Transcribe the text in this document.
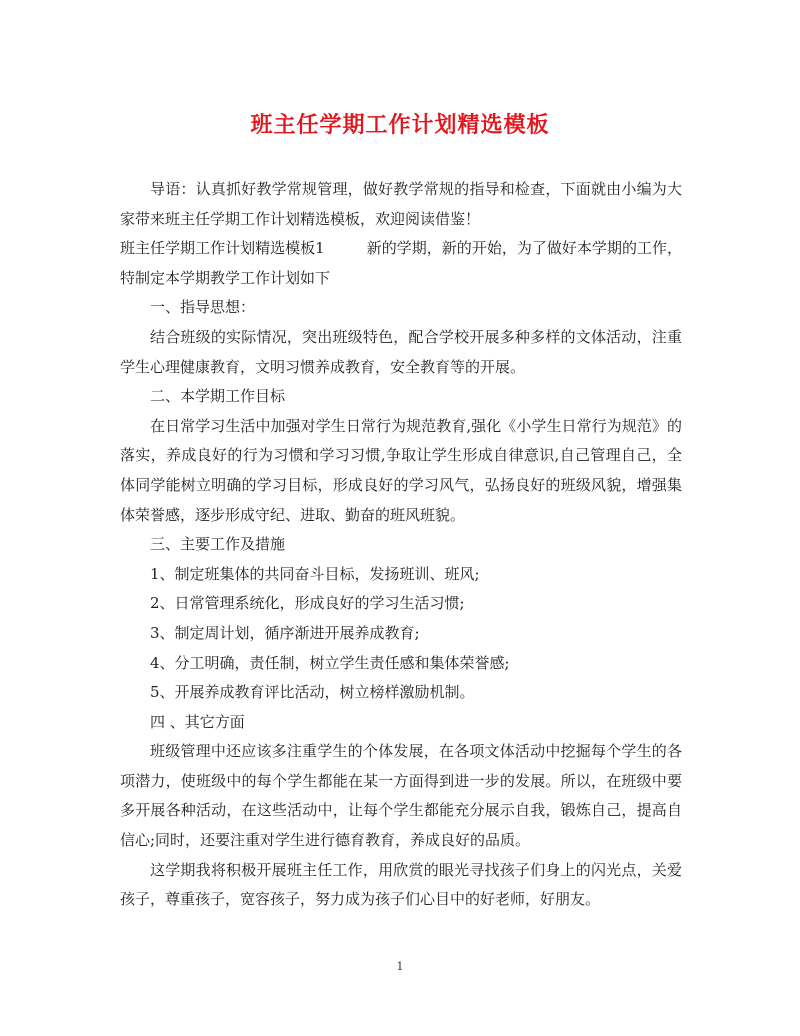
班主任学期工作计划精选模板

导语：认真抓好教学常规管理，做好教学常规的指导和检查，下面就由小编为大家带来班主任学期工作计划精选模板，欢迎阅读借鉴！

班主任学期工作计划精选模板1	新的学期，新的开始，为了做好本学期的工作，特制定本学期教学工作计划如下

一、指导思想：

结合班级的实际情况，突出班级特色，配合学校开展多种多样的文体活动，注重学生心理健康教育，文明习惯养成教育，安全教育等的开展。

二、本学期工作目标

在日常学习生活中加强对学生日常行为规范教育,强化《小学生日常行为规范》的落实，养成良好的行为习惯和学习习惯,争取让学生形成自律意识,自己管理自己，全体同学能树立明确的学习目标，形成良好的学习风气，弘扬良好的班级风貌，增强集体荣誉感，逐步形成守纪、进取、勤奋的班风班貌。

三、主要工作及措施

1、制定班集体的共同奋斗目标，发扬班训、班风;

2、日常管理系统化，形成良好的学习生活习惯;

3、制定周计划，循序渐进开展养成教育;

4、分工明确，责任制，树立学生责任感和集体荣誉感;

5、开展养成教育评比活动，树立榜样激励机制。

四 、其它方面

班级管理中还应该多注重学生的个体发展，在各项文体活动中挖掘每个学生的各项潜力，使班级中的每个学生都能在某一方面得到进一步的发展。所以，在班级中要多开展各种活动，在这些活动中，让每个学生都能充分展示自我，锻炼自己，提高自信心;同时，还要注重对学生进行德育教育，养成良好的品质。

这学期我将积极开展班主任工作，用欣赏的眼光寻找孩子们身上的闪光点，关爱孩子，尊重孩子，宽容孩子，努力成为孩子们心目中的好老师，好朋友。

1
